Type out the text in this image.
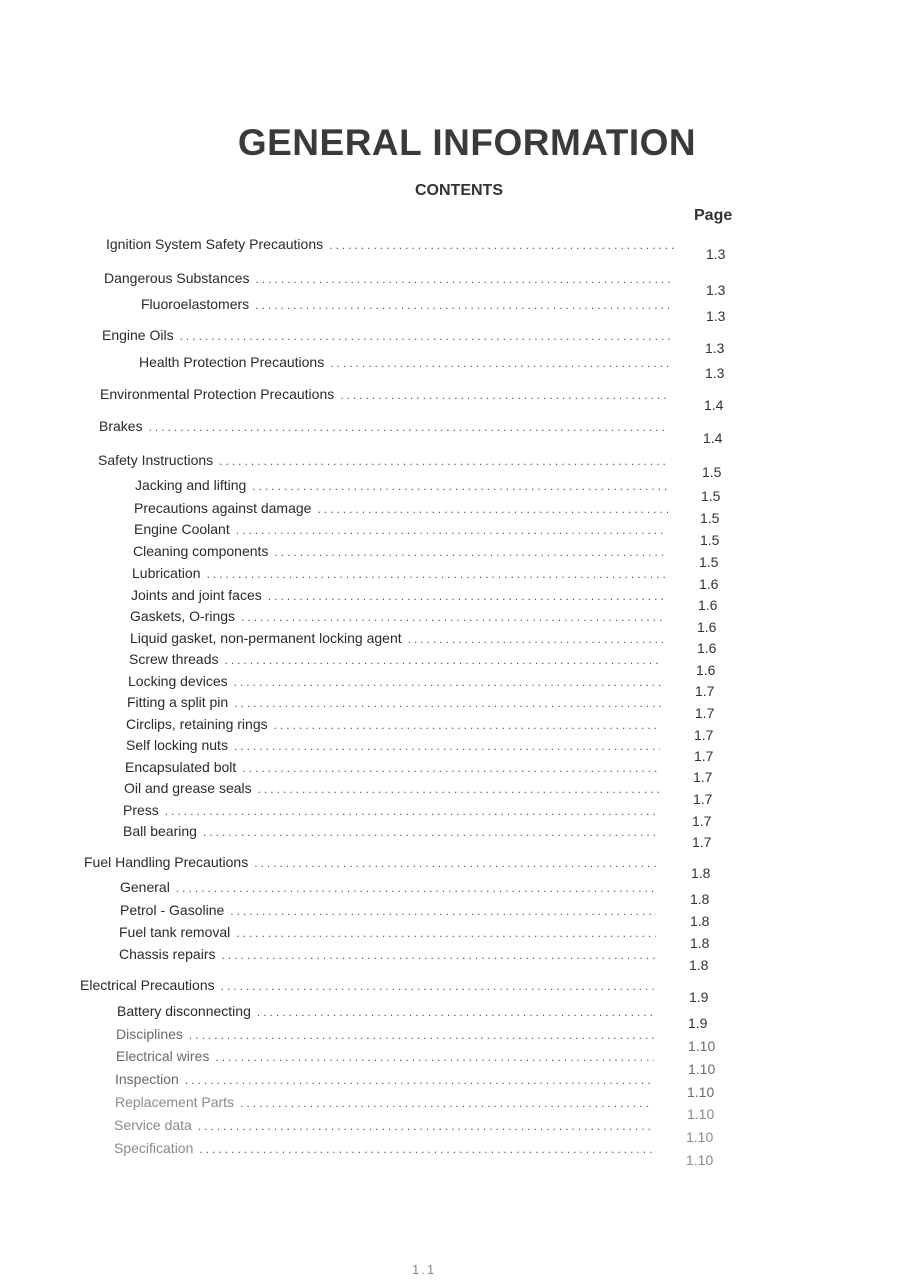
GENERAL INFORMATION
CONTENTS
Page
Ignition System Safety Precautions
.....
1.3
Dangerous Substances
.....
1.3
Fluoroelastomers
.....
1.3
Engine Oils
.....
1.3
Health Protection Precautions
.....
1.3
Environmental Protection Precautions
.....
1.4
Brakes
.....
1.4
Safety Instructions
.....
1.5
Jacking and lifting
.....
1.5
Precautions against damage
.....
1.5
Engine Coolant
.....
1.5
Cleaning components
.....
1.5
Lubrication
.....
1.6
Joints and joint faces
.....
1.6
Gaskets, O-rings
.....
1.6
Liquid gasket, non-permanent locking agent
.....
1.6
Screw threads
.....
1.6
Locking devices
.....
1.7
Fitting a split pin
.....
1.7
Circlips, retaining rings
.....
1.7
Self locking nuts
.....
1.7
Encapsulated bolt
.....
1.7
Oil and grease seals
.....
1.7
Press
.....
1.7
Ball bearing
.....
1.7
Fuel Handling Precautions
.....
1.8
General
.....
1.8
Petrol - Gasoline
.....
1.8
Fuel tank removal
.....
1.8
Chassis repairs
.....
1.8
Electrical Precautions
.....
1.9
Battery disconnecting
.....
1.9
Disciplines
.....
1.10
Electrical wires
.....
1.10
Inspection
.....
1.10
Replacement Parts
.....
1.10
Service data
.....
1.10
Specification
.....
1.10
1.1
